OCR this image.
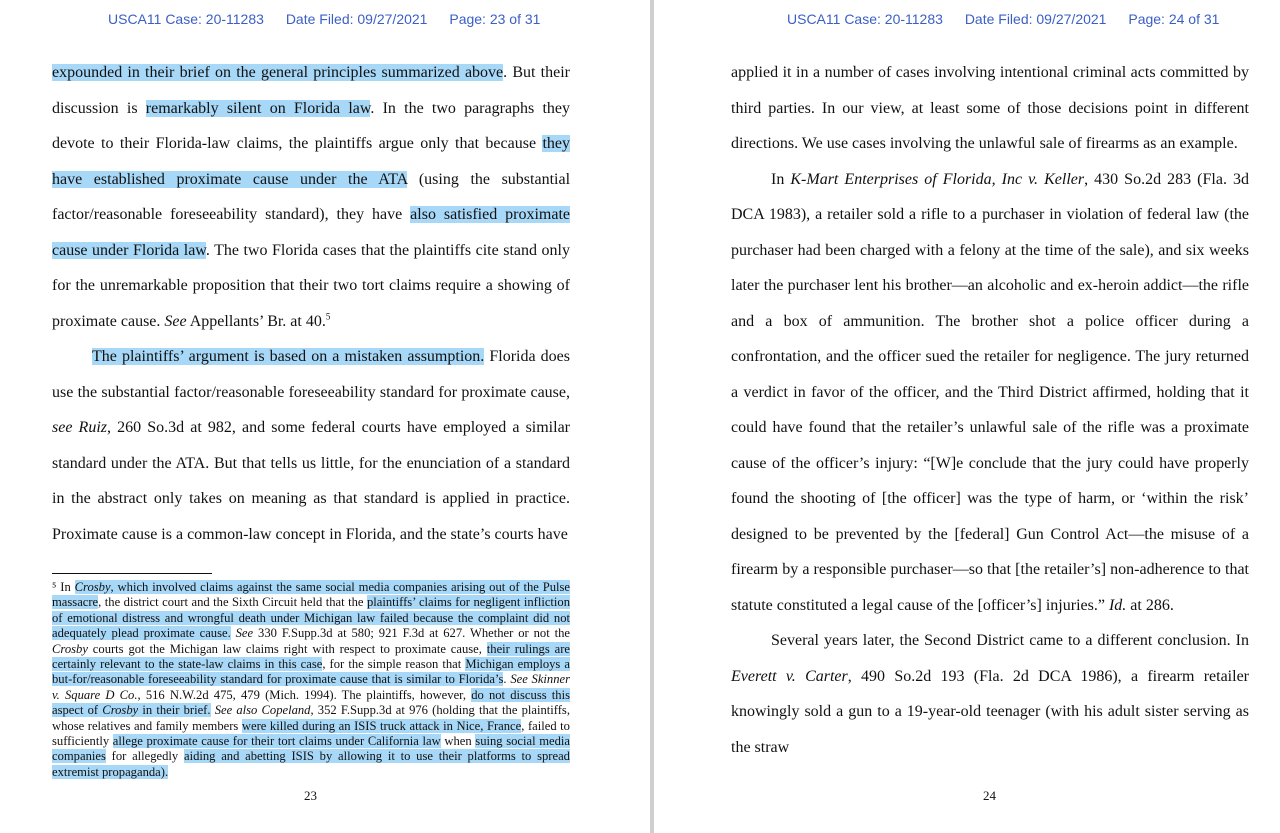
USCA11 Case: 20-11283 Date Filed: 09/27/2021 Page: 23 of 31

expounded in their brief on the general principles summarized above. But their discussion is remarkably silent on Florida law. In the two paragraphs they devote to their Florida-law claims, the plaintiffs argue only that because they have established proximate cause under the ATA (using the substantial factor/reasonable foreseeability standard), they have also satisfied proximate cause under Florida law. The two Florida cases that the plaintiffs cite stand only for the unremarkable proposition that their two tort claims require a showing of proximate cause. See Appellants’ Br. at 40.$^5$

The plaintiffs’ argument is based on a mistaken assumption. Florida does use the substantial factor/reasonable foreseeability standard for proximate cause, see Ruiz, 260 So.3d at 982, and some federal courts have employed a similar standard under the ATA. But that tells us little, for the enunciation of a standard in the abstract only takes on meaning as that standard is applied in practice. Proximate cause is a common-law concept in Florida, and the state’s courts have

⁵ In Crosby, which involved claims against the same social media companies arising out of the Pulse massacre, the district court and the Sixth Circuit held that the plaintiffs’ claims for negligent infliction of emotional distress and wrongful death under Michigan law failed because the complaint did not adequately plead proximate cause. See 330 F.Supp.3d at 580; 921 F.3d at 627. Whether or not the Crosby courts got the Michigan law claims right with respect to proximate cause, their rulings are certainly relevant to the state-law claims in this case, for the simple reason that Michigan employs a but-for/reasonable foreseeability standard for proximate cause that is similar to Florida’s. See Skinner v. Square D Co., 516 N.W.2d 475, 479 (Mich. 1994). The plaintiffs, however, do not discuss this aspect of Crosby in their brief. See also Copeland, 352 F.Supp.3d at 976 (holding that the plaintiffs, whose relatives and family members were killed during an ISIS truck attack in Nice, France, failed to sufficiently allege proximate cause for their tort claims under California law when suing social media companies for allegedly aiding and abetting ISIS by allowing it to use their platforms to spread extremist propaganda).

23
USCA11 Case: 20-11283 Date Filed: 09/27/2021 Page: 24 of 31

applied it in a number of cases involving intentional criminal acts committed by third parties. In our view, at least some of those decisions point in different directions. We use cases involving the unlawful sale of firearms as an example.

In K-Mart Enterprises of Florida, Inc v. Keller, 430 So.2d 283 (Fla. 3d DCA 1983), a retailer sold a rifle to a purchaser in violation of federal law (the purchaser had been charged with a felony at the time of the sale), and six weeks later the purchaser lent his brother—an alcoholic and ex-heroin addict—the rifle and a box of ammunition. The brother shot a police officer during a confrontation, and the officer sued the retailer for negligence. The jury returned a verdict in favor of the officer, and the Third District affirmed, holding that it could have found that the retailer’s unlawful sale of the rifle was a proximate cause of the officer’s injury: “[W]e conclude that the jury could have properly found the shooting of [the officer] was the type of harm, or ‘within the risk’ designed to be prevented by the [federal] Gun Control Act—the misuse of a firearm by a responsible purchaser—so that [the retailer’s] non-adherence to that statute constituted a legal cause of the [officer’s] injuries.” Id. at 286.

Several years later, the Second District came to a different conclusion. In Everett v. Carter, 490 So.2d 193 (Fla. 2d DCA 1986), a firearm retailer knowingly sold a gun to a 19-year-old teenager (with his adult sister serving as the straw

24
